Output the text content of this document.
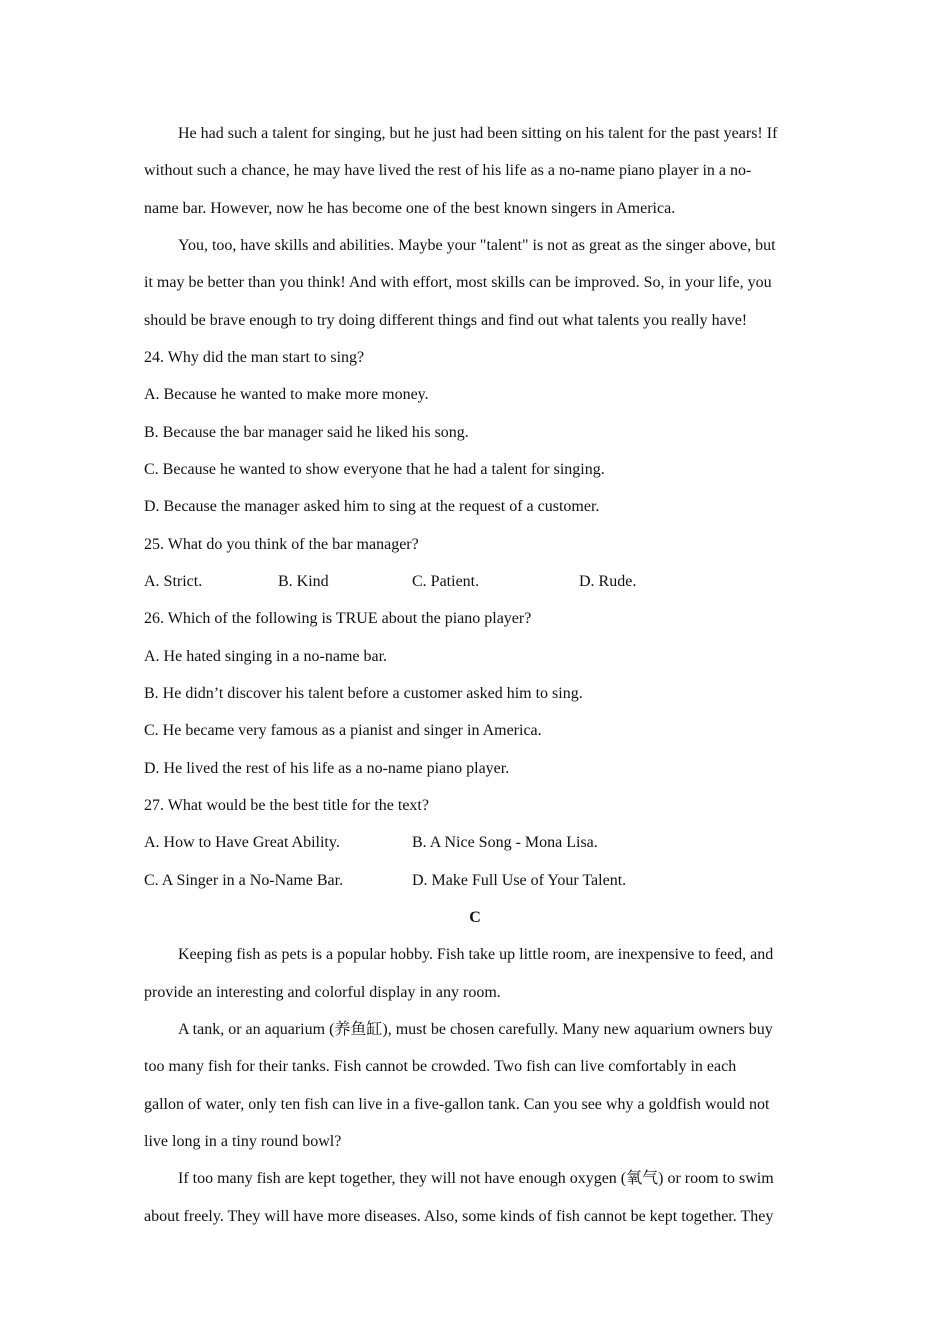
He had such a talent for singing, but he just had been sitting on his talent for the past years! If
without such a chance, he may have lived the rest of his life as a no-name piano player in a no-
name bar. However, now he has become one of the best known singers in America.
You, too, have skills and abilities. Maybe your "talent" is not as great as the singer above, but
it may be better than you think! And with effort, most skills can be improved. So, in your life, you
should be brave enough to try doing different things and find out what talents you really have!
24. Why did the man start to sing?
A. Because he wanted to make more money.
B. Because the bar manager said he liked his song.
C. Because he wanted to show everyone that he had a talent for singing.
D. Because the manager asked him to sing at the request of a customer.
25. What do you think of the bar manager?
A. Strict.	B. Kind	C. Patient.	D. Rude.
26. Which of the following is TRUE about the piano player?
A. He hated singing in a no-name bar.
B. He didn’t discover his talent before a customer asked him to sing.
C. He became very famous as a pianist and singer in America.
D. He lived the rest of his life as a no-name piano player.
27. What would be the best title for the text?
A. How to Have Great Ability.	B. A Nice Song - Mona Lisa.
C. A Singer in a No-Name Bar.	D. Make Full Use of Your Talent.
C
Keeping fish as pets is a popular hobby. Fish take up little room, are inexpensive to feed, and
provide an interesting and colorful display in any room.
A tank, or an aquarium (养鱼缸), must be chosen carefully. Many new aquarium owners buy
too many fish for their tanks. Fish cannot be crowded. Two fish can live comfortably in each
gallon of water, only ten fish can live in a five-gallon tank. Can you see why a goldfish would not
live long in a tiny round bowl?
If too many fish are kept together, they will not have enough oxygen (氧气) or room to swim
about freely. They will have more diseases. Also, some kinds of fish cannot be kept together. They
